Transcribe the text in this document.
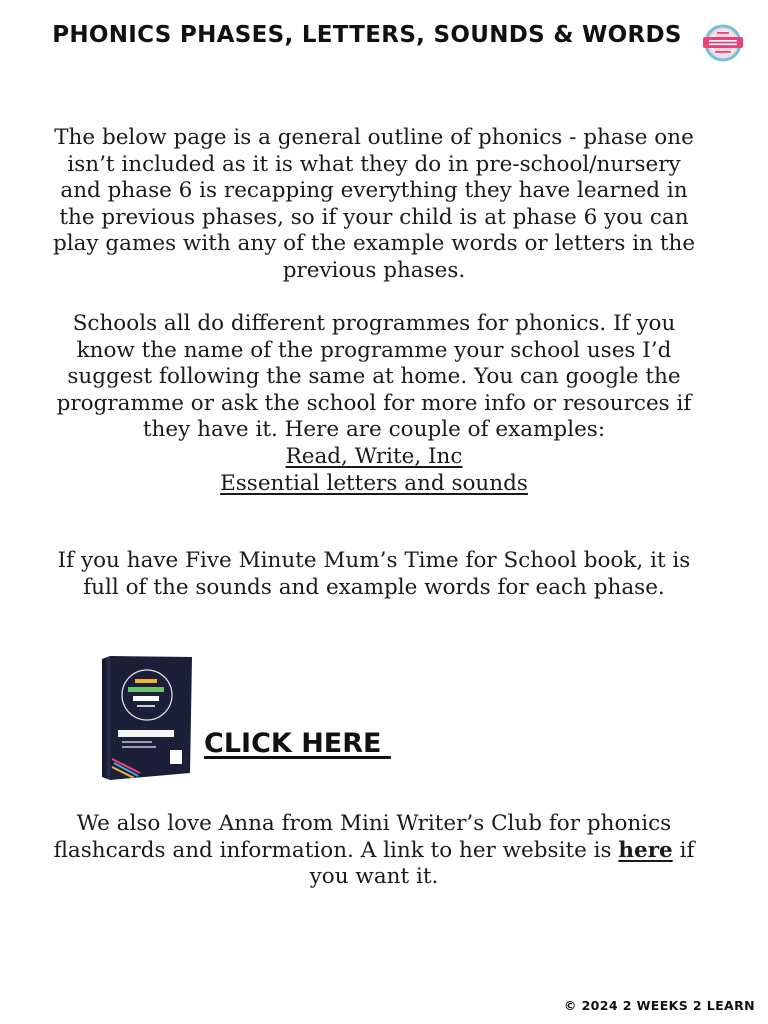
PHONICS PHASES, LETTERS, SOUNDS & WORDS

The below page is a general outline of phonics - phase one isn’t included as it is what they do in pre-school/nursery and phase 6 is recapping everything they have learned in the previous phases, so if your child is at phase 6 you can play games with any of the example words or letters in the previous phases.

Schools all do different programmes for phonics. If you know the name of the programme your school uses I’d suggest following the same at home. You can google the programme or ask the school for more info or resources if they have it. Here are couple of examples:
Read, Write, Inc
Essential letters and sounds

If you have Five Minute Mum’s Time for School book, it is full of the sounds and example words for each phase.

CLICK HERE

We also love Anna from Mini Writer’s Club for phonics flashcards and information. A link to her website is here if you want it.

© 2024 2 WEEKS 2 LEARN
